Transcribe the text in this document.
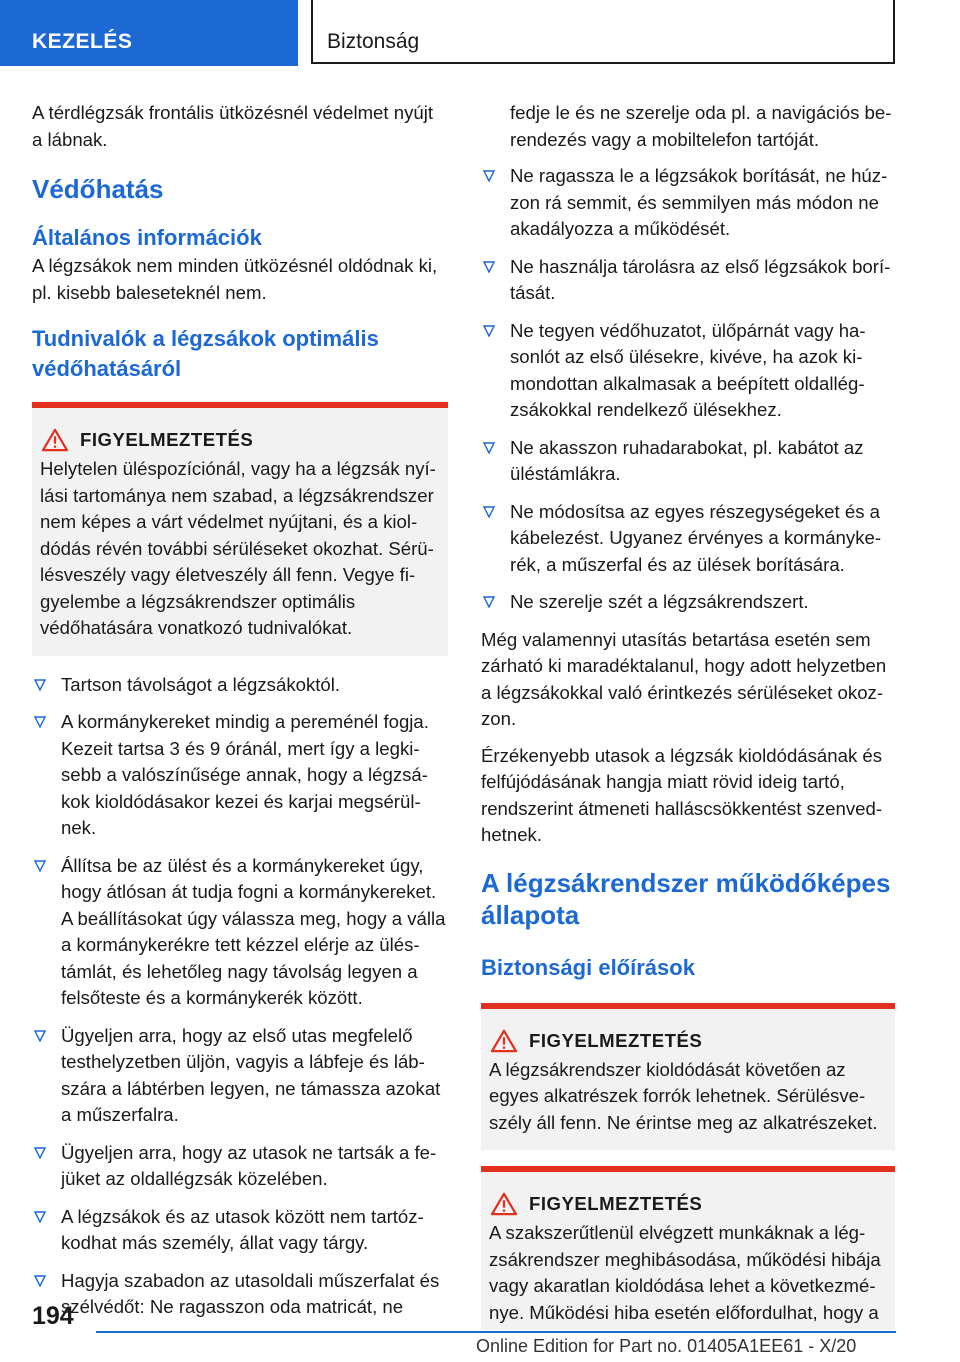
KEZELÉS	Biztonság

A térdlégzsák frontális ütközésnél védelmet nyújt a lábnak.

Védőhatás
Általános információk

A légzsákok nem minden ütközésnél oldódnak ki, pl. kisebb baleseteknél nem.

Tudnivalók a légzsákok optimális védőhatásáról
FIGYELMEZTETÉS
Helytelen üléspozíciónál, vagy ha a légzsák nyílási tartománya nem szabad, a légzsákrendszer nem képes a várt védelmet nyújtani, és a kioldódás révén további sérüléseket okozhat. Sérülésveszély vagy életveszély áll fenn. Vegye figyelembe a légzsákrendszer optimális védőhatására vonatkozó tudnivalókat.
Tartson távolságot a légzsákoktól.
A kormánykereket mindig a pereménél fogja. Kezeit tartsa 3 és 9 óránál, mert így a legkisebb a valószínűsége annak, hogy a légzsákok kioldódásakor kezei és karjai megsérülnek.
Állítsa be az ülést és a kormánykereket úgy, hogy átlósan át tudja fogni a kormánykereket. A beállításokat úgy válassza meg, hogy a válla a kormánykerékre tett kézzel elérje az üléstámlát, és lehetőleg nagy távolság legyen a felsőteste és a kormánykerék között.
Ügyeljen arra, hogy az első utas megfelelő testhelyzetben üljön, vagyis a lábfeje és lábszára a lábtérben legyen, ne támassza azokat a műszerfalra.
Ügyeljen arra, hogy az utasok ne tartsák a fejüket az oldallégzsák közelében.
A légzsákok és az utasok között nem tartózkodhat más személy, állat vagy tárgy.
Hagyja szabadon az utasoldali műszerfalat és szélvédőt: Ne ragasszon oda matricát, ne

fedje le és ne szerelje oda pl. a navigációs berendezés vagy a mobiltelefon tartóját.

Ne ragassza le a légzsákok borítását, ne húzzon rá semmit, és semmilyen más módon ne akadályozza a működését.
Ne használja tárolásra az első légzsákok borítását.
Ne tegyen védőhuzatot, ülőpárnát vagy hasonlót az első ülésekre, kivéve, ha azok kimondottan alkalmasak a beépített oldallégzsákokkal rendelkező ülésekhez.
Ne akasszon ruhadarabokat, pl. kabátot az üléstámlákra.
Ne módosítsa az egyes részegységeket és a kábelezést. Ugyanez érvényes a kormánykerék, a műszerfal és az ülések borítására.
Ne szerelje szét a légzsákrendszert.

Még valamennyi utasítás betartása esetén sem zárható ki maradéktalanul, hogy adott helyzetben a légzsákokkal való érintkezés sérüléseket okozzon.

Érzékenyebb utasok a légzsák kioldódásának és felfújódásának hangja miatt rövid ideig tartó, rendszerint átmeneti halláscsökkentést szenvedhetnek.

A légzsákrendszer működőképes állapota
Biztonsági előírások
FIGYELMEZTETÉS
A légzsákrendszer kioldódását követően az egyes alkatrészek forrók lehetnek. Sérülésveszély áll fenn. Ne érintse meg az alkatrészeket.
FIGYELMEZTETÉS
A szakszerűtlenül elvégzett munkáknak a légzsákrendszer meghibásodása, működési hibája vagy akaratlan kioldódása lehet a következménye. Működési hiba esetén előfordulhat, hogy a
194
Online Edition for Part no. 01405A1EE61 - X/20
